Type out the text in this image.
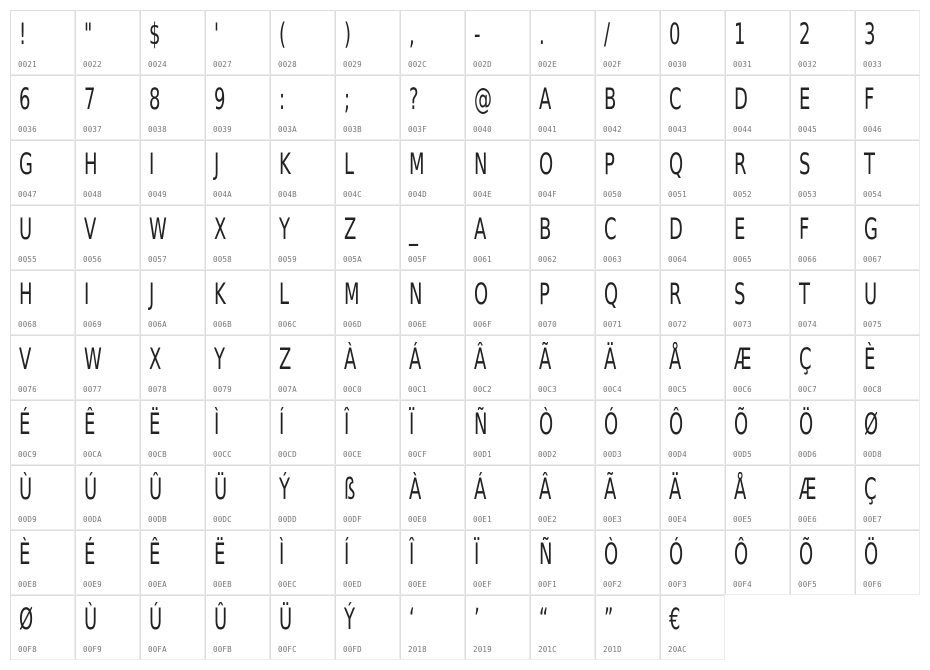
!
0021
"
0022
$
0024
'
0027
(
0028
)
0029
,
002C
-
002D
.
002E
/
002F
0
0030
1
0031
2
0032
3
0033
6
0036
7
0037
8
0038
9
0039
:
003A
;
003B
?
003F
@
0040
A
0041
B
0042
C
0043
D
0044
E
0045
F
0046
G
0047
H
0048
I
0049
J
004A
K
004B
L
004C
M
004D
N
004E
O
004F
P
0050
Q
0051
R
0052
S
0053
T
0054
U
0055
V
0056
W
0057
X
0058
Y
0059
Z
005A
_
005F
A
0061
B
0062
C
0063
D
0064
E
0065
F
0066
G
0067
H
0068
I
0069
J
006A
K
006B
L
006C
M
006D
N
006E
O
006F
P
0070
Q
0071
R
0072
S
0073
T
0074
U
0075
V
0076
W
0077
X
0078
Y
0079
Z
007A
À
00C0
Á
00C1
Â
00C2
Ã
00C3
Ä
00C4
Å
00C5
Æ
00C6
Ç
00C7
È
00C8
É
00C9
Ê
00CA
Ë
00CB
Ì
00CC
Í
00CD
Î
00CE
Ï
00CF
Ñ
00D1
Ò
00D2
Ó
00D3
Ô
00D4
Õ
00D5
Ö
00D6
Ø
00D8
Ù
00D9
Ú
00DA
Û
00DB
Ü
00DC
Ý
00DD
ß
00DF
À
00E0
Á
00E1
Â
00E2
Ã
00E3
Ä
00E4
Å
00E5
Æ
00E6
Ç
00E7
È
00E8
É
00E9
Ê
00EA
Ë
00EB
Ì
00EC
Í
00ED
Î
00EE
Ï
00EF
Ñ
00F1
Ò
00F2
Ó
00F3
Ô
00F4
Õ
00F5
Ö
00F6
Ø
00F8
Ù
00F9
Ú
00FA
Û
00FB
Ü
00FC
Ý
00FD
‘
2018
’
2019
“
201C
”
201D
€
20AC
